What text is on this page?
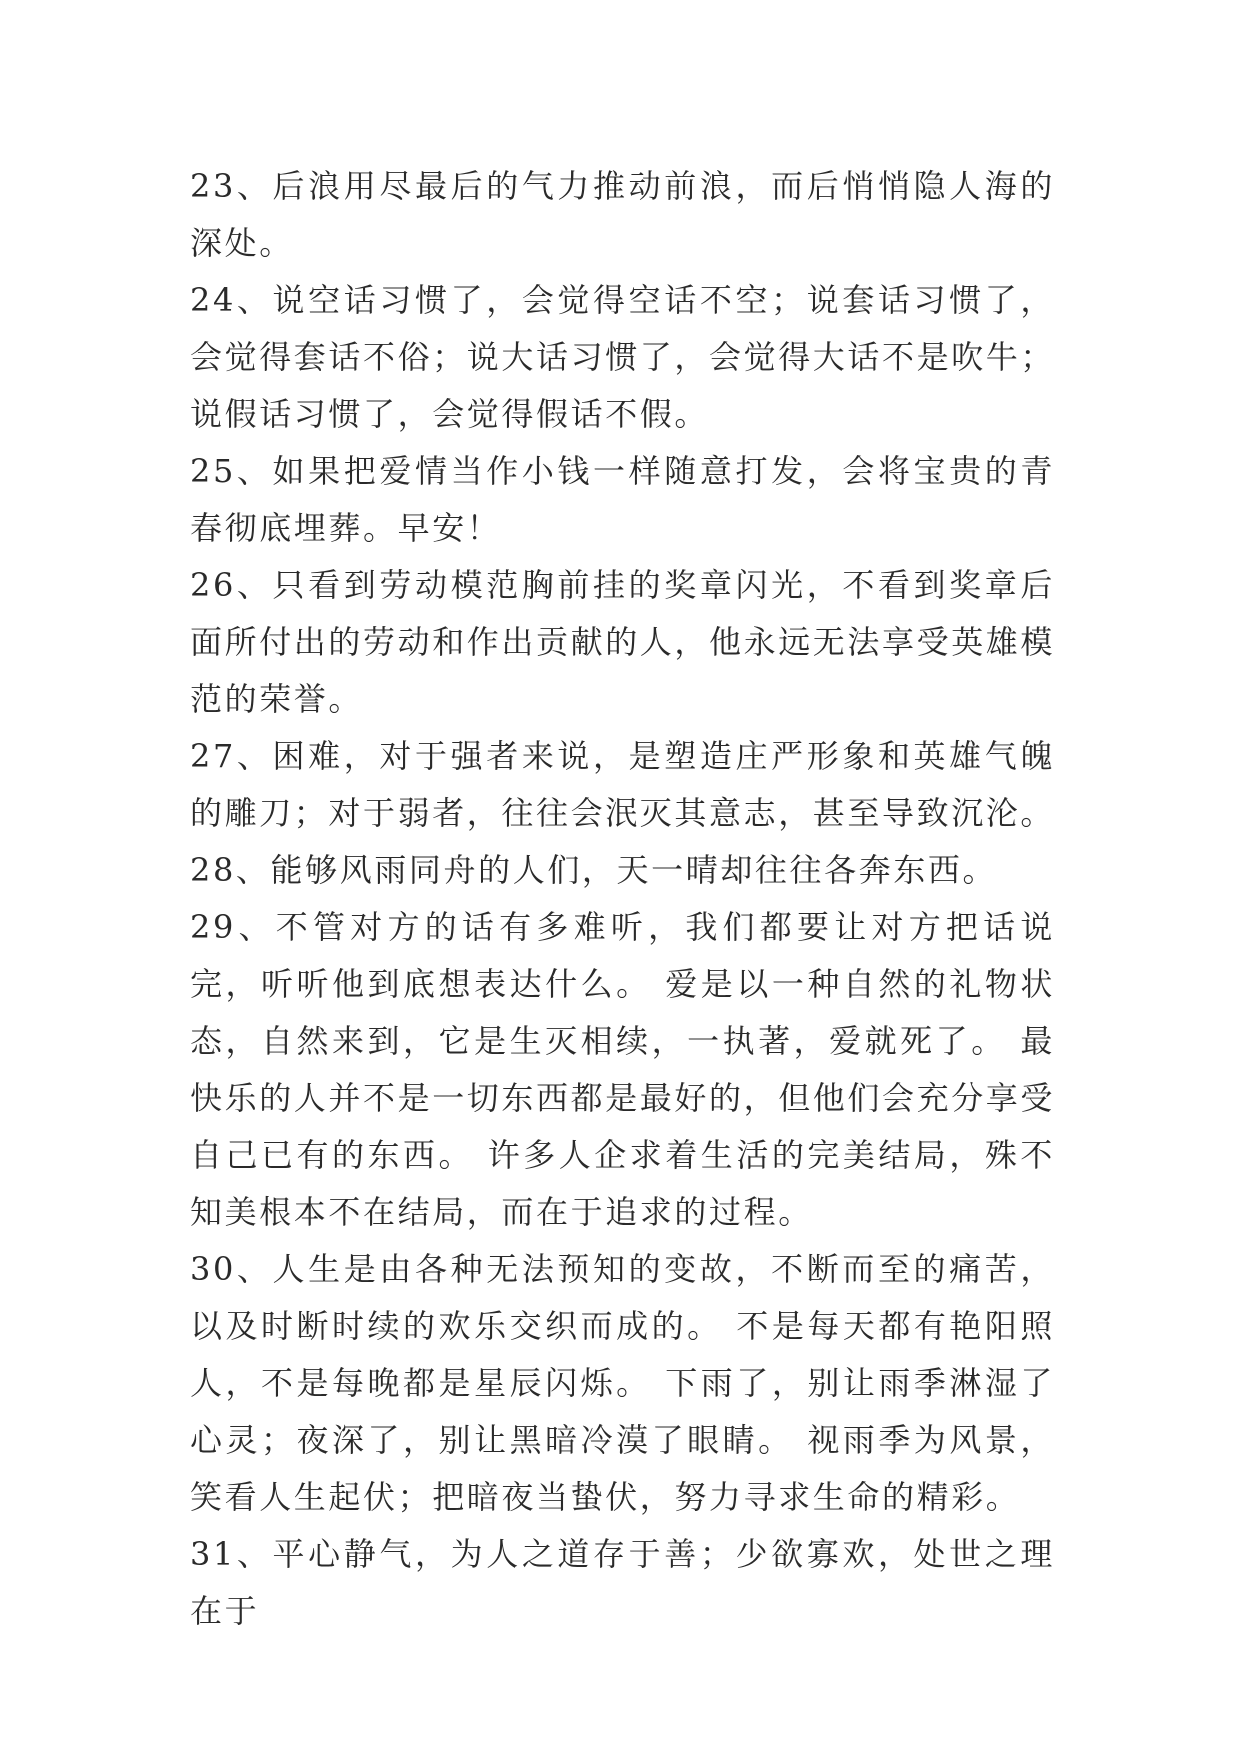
23、后浪用尽最后的气力推动前浪，而后悄悄隐人海的深处。

24、说空话习惯了，会觉得空话不空；说套话习惯了，会觉得套话不俗；说大话习惯了，会觉得大话不是吹牛；说假话习惯了，会觉得假话不假。

25、如果把爱情当作小钱一样随意打发，会将宝贵的青春彻底埋葬。早安！

26、只看到劳动模范胸前挂的奖章闪光，不看到奖章后面所付出的劳动和作出贡献的人，他永远无法享受英雄模范的荣誉。

27、困难，对于强者来说，是塑造庄严形象和英雄气魄的雕刀；对于弱者，往往会泯灭其意志，甚至导致沉沦。

28、能够风雨同舟的人们，天一晴却往往各奔东西。

29、不管对方的话有多难听，我们都要让对方把话说完，听听他到底想表达什么。 爱是以一种自然的礼物状态，自然来到，它是生灭相续，一执著，爱就死了。 最快乐的人并不是一切东西都是最好的，但他们会充分享受自己已有的东西。 许多人企求着生活的完美结局，殊不知美根本不在结局，而在于追求的过程。

30、人生是由各种无法预知的变故，不断而至的痛苦，以及时断时续的欢乐交织而成的。 不是每天都有艳阳照人，不是每晚都是星辰闪烁。 下雨了，别让雨季淋湿了心灵；夜深了，别让黑暗冷漠了眼睛。 视雨季为风景，笑看人生起伏；把暗夜当蛰伏，努力寻求生命的精彩。

31、平心静气，为人之道存于善；少欲寡欢，处世之理在于
